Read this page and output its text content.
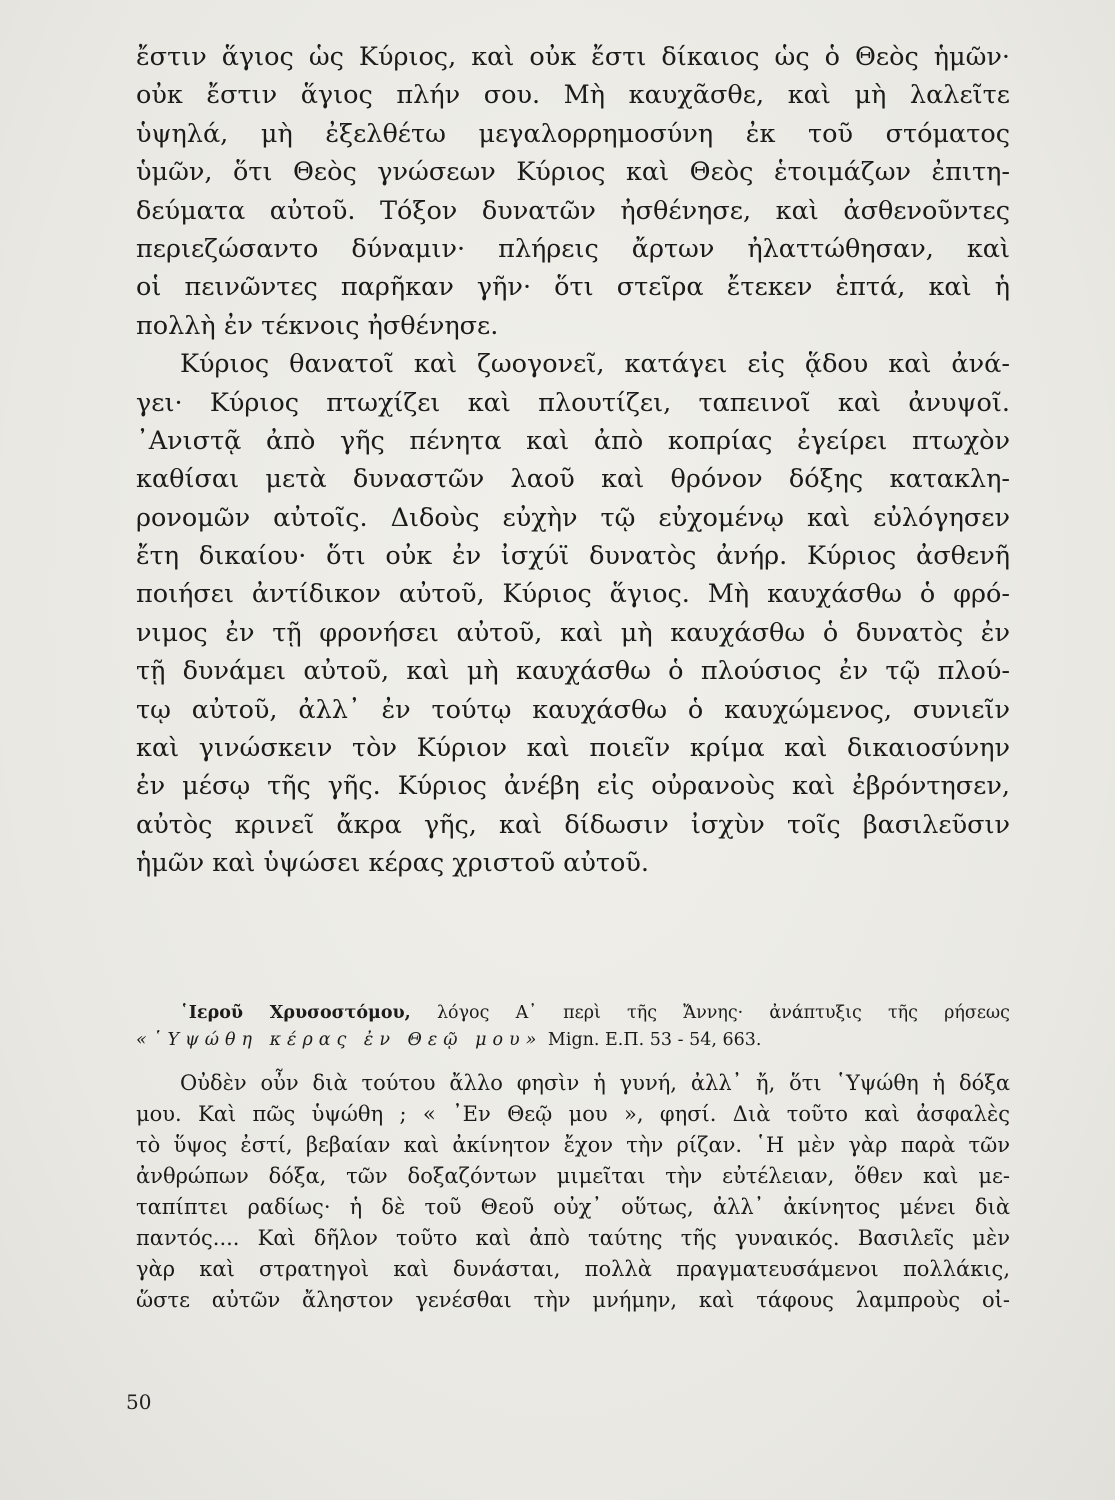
ἔστιν ἅγιος ὡς Κύριος, καὶ οὐκ ἔστι δίκαιος ὡς ὁ Θεὸς ἡμῶν·
οὐκ ἔστιν ἅγιος πλήν σου. Μὴ καυχᾶσθε, καὶ μὴ λαλεῖτε
ὑψηλά, μὴ ἐξελθέτω μεγαλορρημοσύνη ἐκ τοῦ στόματος
ὑμῶν, ὅτι Θεὸς γνώσεων Κύριος καὶ Θεὸς ἑτοιμάζων ἐπιτη-
δεύματα αὐτοῦ. Τόξον δυνατῶν ἠσθένησε, καὶ ἀσθενοῦντες
περιεζώσαντο δύναμιν· πλήρεις ἄρτων ἠλαττώθησαν, καὶ
οἱ πεινῶντες παρῆκαν γῆν· ὅτι στεῖρα ἔτεκεν ἑπτά, καὶ ἡ
πολλὴ ἐν τέκνοις ἠσθένησε.
Κύριος θανατοῖ καὶ ζωογονεῖ, κατάγει εἰς ᾅδου καὶ ἀνά-
γει· Κύριος πτωχίζει καὶ πλουτίζει, ταπεινοῖ καὶ ἀνυψοῖ.
᾿Ανιστᾷ ἀπὸ γῆς πένητα καὶ ἀπὸ κοπρίας ἐγείρει πτωχὸν
καθίσαι μετὰ δυναστῶν λαοῦ καὶ θρόνον δόξης κατακλη-
ρονομῶν αὐτοῖς. Διδοὺς εὐχὴν τῷ εὐχομένῳ καὶ εὐλόγησεν
ἔτη δικαίου· ὅτι οὐκ ἐν ἰσχύϊ δυνατὸς ἀνήρ. Κύριος ἀσθενῆ
ποιήσει ἀντίδικον αὐτοῦ, Κύριος ἅγιος. Μὴ καυχάσθω ὁ φρό-
νιμος ἐν τῇ φρονήσει αὐτοῦ, καὶ μὴ καυχάσθω ὁ δυνατὸς ἐν
τῇ δυνάμει αὐτοῦ, καὶ μὴ καυχάσθω ὁ πλούσιος ἐν τῷ πλού-
τῳ αὐτοῦ, ἀλλ᾿ ἐν τούτῳ καυχάσθω ὁ καυχώμενος, συνιεῖν
καὶ γινώσκειν τὸν Κύριον καὶ ποιεῖν κρίμα καὶ δικαιοσύνην
ἐν μέσῳ τῆς γῆς. Κύριος ἀνέβη εἰς οὐρανοὺς καὶ ἐβρόντησεν,
αὐτὸς κρινεῖ ἄκρα γῆς, καὶ δίδωσιν ἰσχὺν τοῖς βασιλεῦσιν
ἡμῶν καὶ ὑψώσει κέρας χριστοῦ αὐτοῦ.
῾Ιεροῦ Χρυσοστόμου, λόγος Α᾿ περὶ τῆς Ἄννης· ἀνάπτυξις τῆς ρήσεως
«῾Υψώθη κέρας ἐν Θεῷ μου» Mign. Ε.Π. 53 - 54, 663.
Οὐδὲν οὖν διὰ τούτου ἄλλο φησὶν ἡ γυνή, ἀλλ᾿ ἤ, ὅτι ῾Υψώθη ἡ δόξα
μου. Καὶ πῶς ὑψώθη ; « ᾿Εν Θεῷ μου », φησί. Διὰ τοῦτο καὶ ἀσφαλὲς
τὸ ὕψος ἐστί, βεβαίαν καὶ ἀκίνητον ἔχον τὴν ρίζαν. ῾Η μὲν γὰρ παρὰ τῶν
ἀνθρώπων δόξα, τῶν δοξαζόντων μιμεῖται τὴν εὐτέλειαν, ὅθεν καὶ με-
ταπίπτει ραδίως· ἡ δὲ τοῦ Θεοῦ οὐχ᾿ οὕτως, ἀλλ᾿ ἀκίνητος μένει διὰ
παντός.... Καὶ δῆλον τοῦτο καὶ ἀπὸ ταύτης τῆς γυναικός. Βασιλεῖς μὲν
γὰρ καὶ στρατηγοὶ καὶ δυνάσται, πολλὰ πραγματευσάμενοι πολλάκις,
ὥστε αὐτῶν ἄληστον γενέσθαι τὴν μνήμην, καὶ τάφους λαμπροὺς οἰ-
50
